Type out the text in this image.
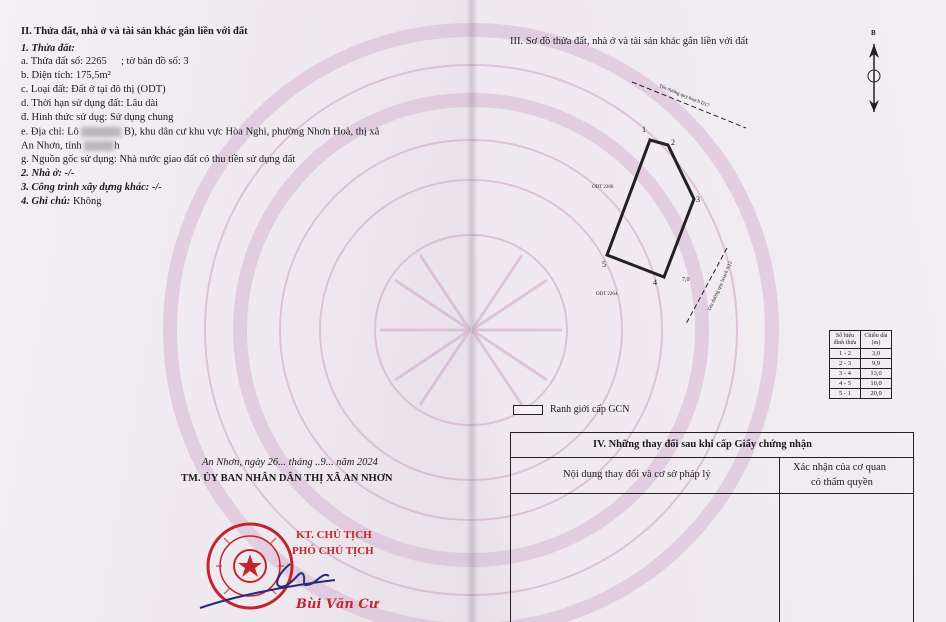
II. Thửa đất, nhà ở và tài sản khác gắn liền với đất
1. Thửa đất:
a. Thửa đất số: 2265 ; tờ bản đồ số: 3
b. Diện tích: 175,5m²
c. Loại đất: Đất ở tại đô thị (ODT)
d. Thời hạn sử dụng đất: Lâu dài
đ. Hình thức sử dụg: Sử dụng chung
e. Địa chỉ: Lô	B), khu dân cư khu vực Hòa Nghi, phường Nhơn Hoà, thị xã
An Nhơn, tỉnh	h
g. Nguồn gốc sử dụng: Nhà nước giao đất có thu tiền sử dụng đất
2. Nhà ở: -/-
3. Công trình xây dựng khác: -/-
4. Ghi chú: Không
An Nhơn, ngày 26... tháng ..9... năm 2024
TM. ỦY BAN NHÂN DÂN THỊ XÃ AN NHƠN
KT. CHỦ TỊCH
PHÓ CHỦ TỊCH
Bùi Văn Cư
III. Sơ đồ thửa đất, nhà ở và tài sản khác gắn liền với đất
B
Tên đường quy hoạch D17
Tên đường quy hoạch N12
ODT 2266
ODT 2264
7,0
1
2
3
4
5
Số hiệu đỉnh thửa	Chiều dài (m)
1 - 2	3,0
2 - 3	9,9
3 - 4	13,0
4 - 5	10,0
5 - 1	20,0
Ranh giới cấp GCN
IV. Những thay đổi sau khi cấp Giấy chứng nhận
Nội dung thay đổi và cơ sở pháp lý
Xác nhận của cơ quan
có thẩm quyền
